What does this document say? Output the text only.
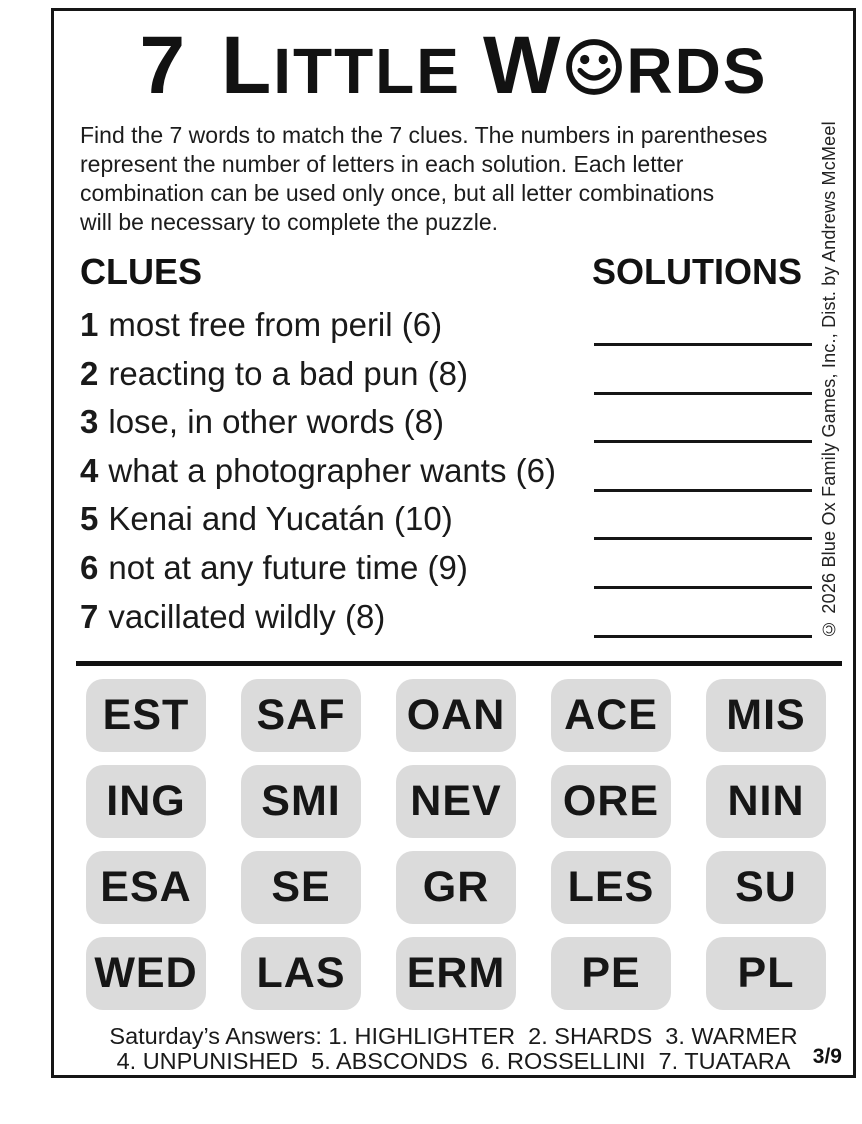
7 LITTLE W RDS
Find the 7 words to match the 7 clues. The numbers in parentheses
represent the number of letters in each solution. Each letter
combination can be used only once, but all letter combinations
will be necessary to complete the puzzle.
CLUES	SOLUTIONS
1 most free from peril (6)
2 reacting to a bad pun (8)
3 lose, in other words (8)
4 what a photographer wants (6)
5 Kenai and Yucatán (10)
6 not at any future time (9)
7 vacillated wildly (8)	© 2026 Blue Ox Family Games, Inc., Dist. by Andrews McMeel
EST	SAF	OAN	ACE	MIS
ING	SMI	NEV	ORE	NIN
ESA	SE	GR	LES	SU
WED	LAS	ERM	PE	PL
Saturday’s Answers: 1. HIGHLIGHTER  2. SHARDS  3. WARMER
4. UNPUNISHED  5. ABSCONDS  6. ROSSELLINI  7. TUATARA	3/9
